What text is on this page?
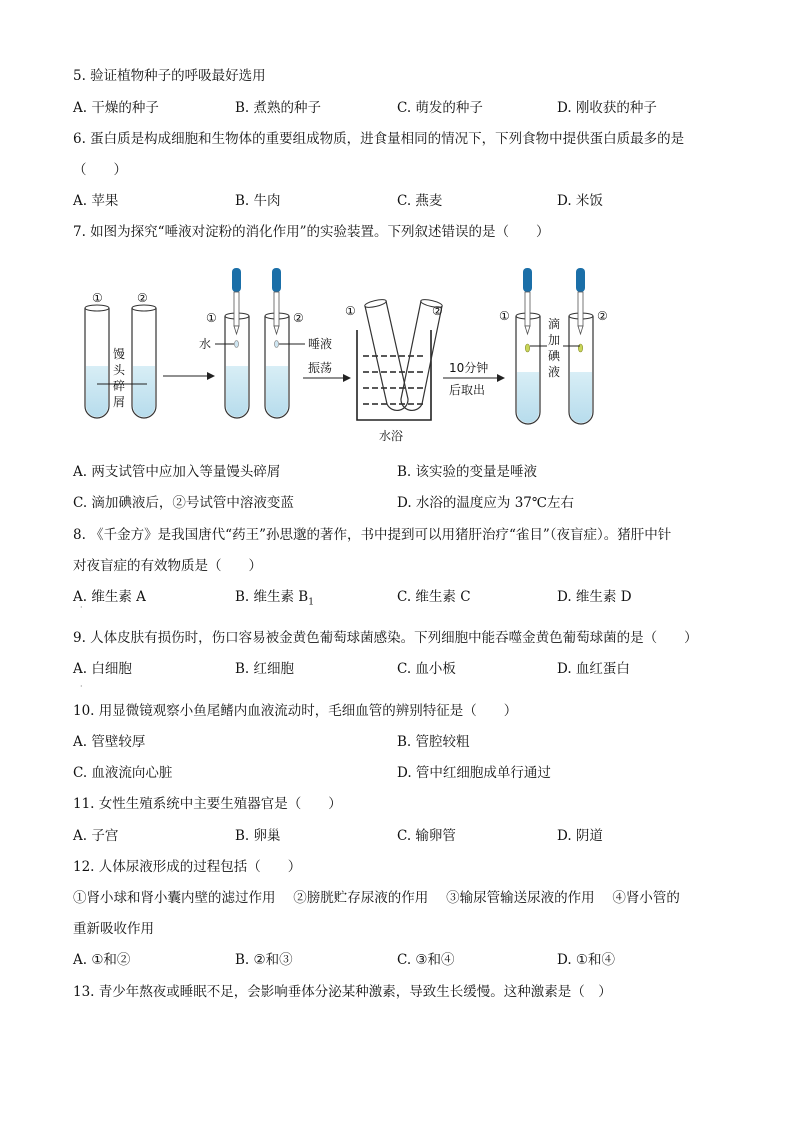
5. 验证植物种子的呼吸最好选用
A. 干燥的种子	B. 煮熟的种子	C. 萌发的种子	D. 刚收获的种子
6. 蛋白质是构成细胞和生物体的重要组成物质，进食量相同的情况下，下列食物中提供蛋白质最多的是
（　　）
A. 苹果	B. 牛肉	C. 燕麦	D. 米饭
7. 如图为探究“唾液对淀粉的消化作用”的实验装置。下列叙述错误的是（　　）
①	②
馒
头
碎
屑
①	②
水	唾液
振荡
①	②
水浴
10分钟
后取出
①	②
滴
加
碘
液
A. 两支试管中应加入等量馒头碎屑	B. 该实验的变量是唾液
C. 滴加碘液后，②号试管中溶液变蓝	D. 水浴的温度应为 37℃左右
8. 《千金方》是我国唐代“药王”孙思邈的著作，书中提到可以用猪肝治疗“雀目”（夜盲症）。猪肝中针
对夜盲症的有效物质是（　　）
A. 维生素 A	B. 维生素 $B_1$	C. 维生素 C	D. 维生素 D
·
9. 人体皮肤有损伤时，伤口容易被金黄色葡萄球菌感染。下列细胞中能吞噬金黄色葡萄球菌的是（　　）
A. 白细胞	B. 红细胞	C. 血小板	D. 血红蛋白
·
10. 用显微镜观察小鱼尾鳍内血液流动时，毛细血管的辨别特征是（　　）
A. 管壁较厚	B. 管腔较粗
C. 血液流向心脏	D. 管中红细胞成单行通过
11. 女性生殖系统中主要生殖器官是（　　）
A. 子宫	B. 卵巢	C. 输卵管	D. 阴道
12. 人体尿液形成的过程包括（　　）
①肾小球和肾小囊内壁的滤过作用　 ②膀胱贮存尿液的作用　 ③输尿管输送尿液的作用　 ④肾小管的
重新吸收作用
A. ①和②	B. ②和③	C. ③和④	D. ①和④
13. 青少年熬夜或睡眠不足，会影响垂体分泌某种激素，导致生长缓慢。这种激素是（　）
